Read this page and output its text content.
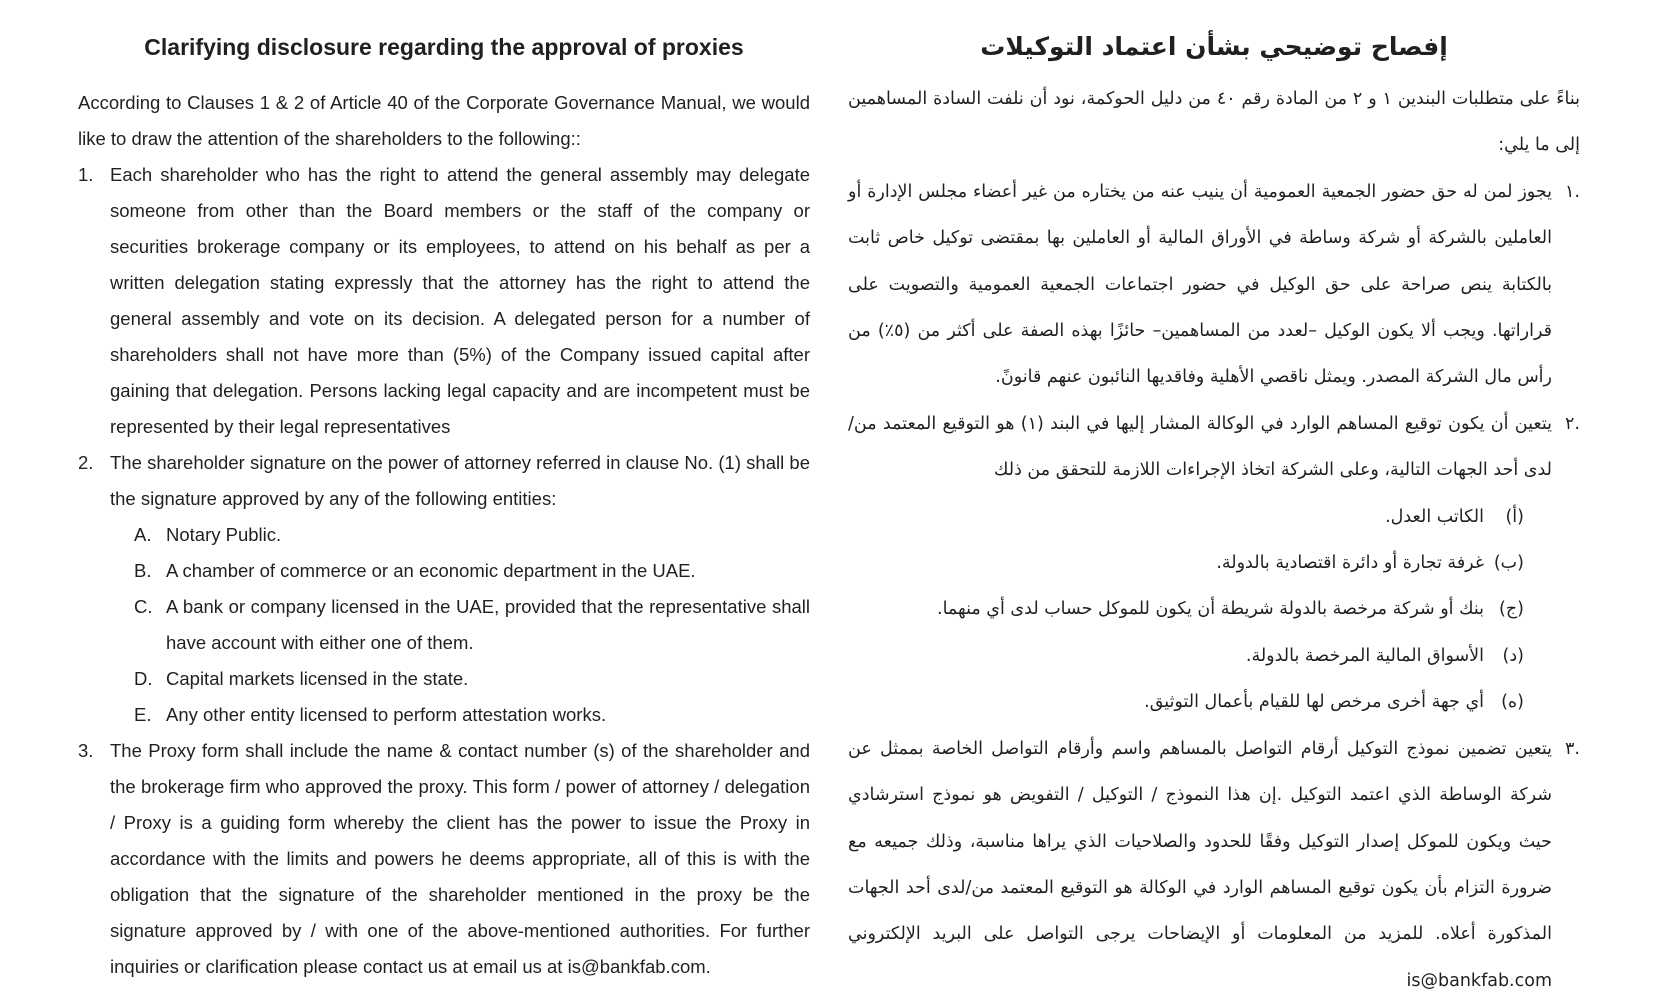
Clarifying disclosure regarding the approval of proxies

According to Clauses 1 & 2 of Article 40 of the Corporate Governance Manual, we would like to draw the attention of the shareholders to the following::

1. Each shareholder who has the right to attend the general assembly may delegate someone from other than the Board members or the staff of the company or securities brokerage company or its employees, to attend on his behalf as per a written delegation stating expressly that the attorney has the right to attend the general assembly and vote on its decision. A delegated person for a number of shareholders shall not have more than (5%) of the Company issued capital after gaining that delegation. Persons lacking legal capacity and are incompetent must be represented by their legal representatives
2. The shareholder signature on the power of attorney referred in clause No. (1) shall be the signature approved by any of the following entities:
A. Notary Public.
B. A chamber of commerce or an economic department in the UAE.
C. A bank or company licensed in the UAE, provided that the representative shall have account with either one of them.
D. Capital markets licensed in the state.
E. Any other entity licensed to perform attestation works.
3. The Proxy form shall include the name & contact number (s) of the shareholder and the brokerage firm who approved the proxy. This form / power of attorney / delegation / Proxy is a guiding form whereby the client has the power to issue the Proxy in accordance with the limits and powers he deems appropriate, all of this is with the obligation that the signature of the shareholder mentioned in the proxy be the signature approved by / with one of the above-mentioned authorities. For further inquiries or clarification please contact us at email us at is@bankfab.com.
إفصاح توضيحي بشأن اعتماد التوكيلات

بناءً على متطلبات البندين ١ و ٢ من المادة رقم ٤٠ من دليل الحوكمة، نود أن نلفت السادة المساهمين إلى ما يلي:

.١
يجوز لمن له حق حضور الجمعية العمومية أن ينيب عنه من يختاره من غير أعضاء مجلس الإدارة أو العاملين بالشركة أو شركة وساطة في الأوراق المالية أو العاملين بها بمقتضى توكيل خاص ثابت بالكتابة ينص صراحة على حق الوكيل في حضور اجتماعات الجمعية العمومية والتصويت على قراراتها. ويجب ألا يكون الوكيل –لعدد من المساهمين– حائزًا بهذه الصفة على أكثر من (٥٪) من رأس مال الشركة المصدر. ويمثل ناقصي الأهلية وفاقديها النائبون عنهم قانونً.
.٢
يتعين أن يكون توقيع المساهم الوارد في الوكالة المشار إليها في البند (١) هو التوقيع المعتمد من/لدى أحد الجهات التالية، وعلى الشركة اتخاذ الإجراءات اللازمة للتحقق من ذلك
(أ)
الكاتب العدل.
(ب)
غرفة تجارة أو دائرة اقتصادية بالدولة.
(ج)
بنك أو شركة مرخصة بالدولة شريطة أن يكون للموكل حساب لدى أي منهما.
(د)
الأسواق المالية المرخصة بالدولة.
(ه)
أي جهة أخرى مرخص لها للقيام بأعمال التوثيق.
.٣
يتعين تضمين نموذج التوكيل أرقام التواصل بالمساهم واسم وأرقام التواصل الخاصة بممثل عن شركة الوساطة الذي اعتمد التوكيل .إن هذا النموذج / التوكيل / التفويض هو نموذج استرشادي حيث ويكون للموكل إصدار التوكيل وفقًا للحدود والصلاحيات الذي يراها مناسبة، وذلك جميعه مع ضرورة التزام بأن يكون توقيع المساهم الوارد في الوكالة هو التوقيع المعتمد من/لدى أحد الجهات المذكورة أعلاه. للمزيد من المعلومات أو الإيضاحات يرجى التواصل على البريد الإلكتروني is@bankfab.com
